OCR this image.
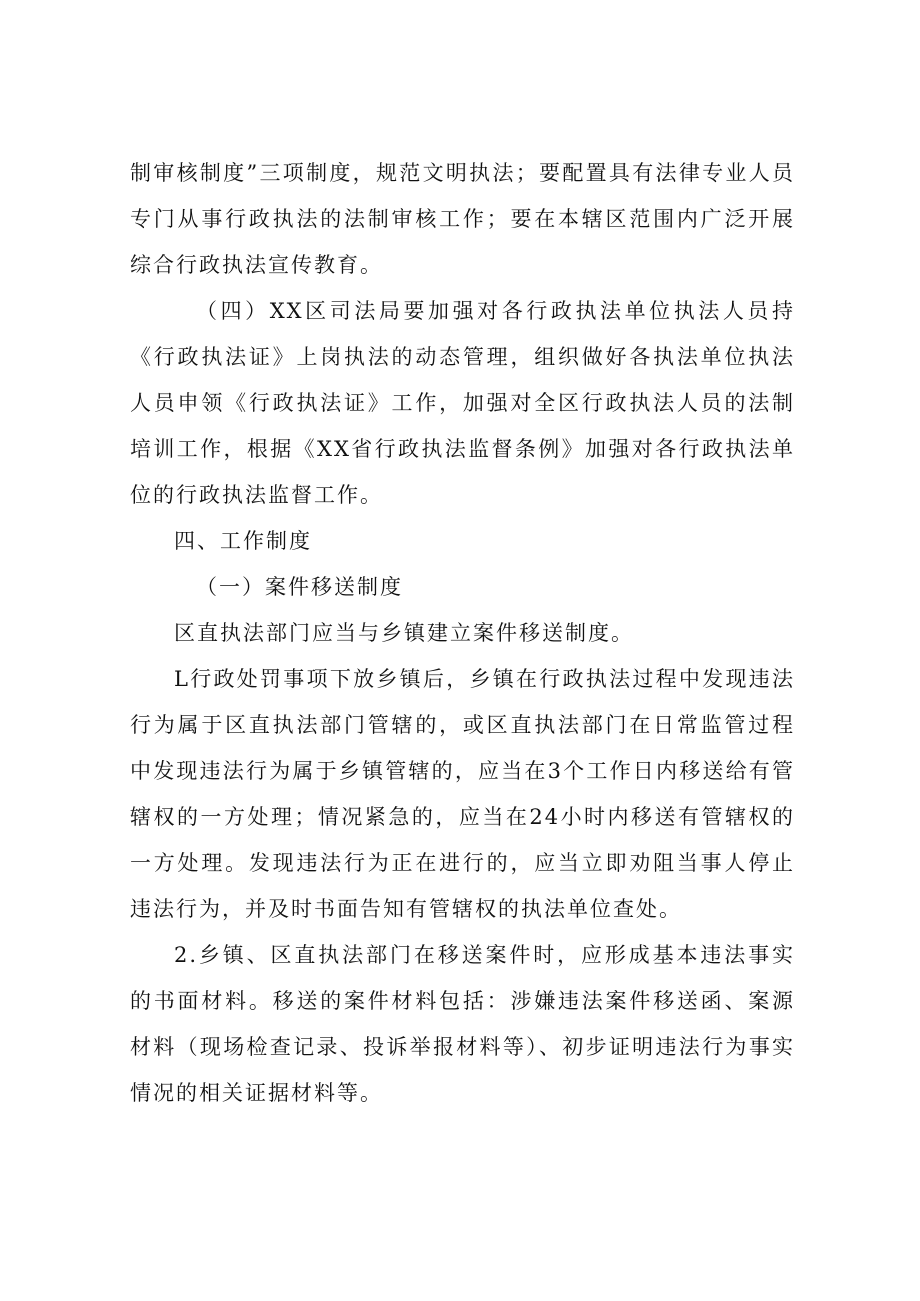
制审核制度”三项制度，规范文明执法；要配置具有法律专业人员专门从事行政执法的法制审核工作；要在本辖区范围内广泛开展综合行政执法宣传教育。

（四）XX区司法局要加强对各行政执法单位执法人员持《行政执法证》上岗执法的动态管理，组织做好各执法单位执法人员申领《行政执法证》工作，加强对全区行政执法人员的法制培训工作，根据《XX省行政执法监督条例》加强对各行政执法单位的行政执法监督工作。

四、工作制度

（一）案件移送制度

区直执法部门应当与乡镇建立案件移送制度。

L行政处罚事项下放乡镇后，乡镇在行政执法过程中发现违法行为属于区直执法部门管辖的，或区直执法部门在日常监管过程中发现违法行为属于乡镇管辖的，应当在3个工作日内移送给有管辖权的一方处理；情况紧急的，应当在24小时内移送有管辖权的一方处理。发现违法行为正在进行的，应当立即劝阻当事人停止违法行为，并及时书面告知有管辖权的执法单位查处。

2.乡镇、区直执法部门在移送案件时，应形成基本违法事实的书面材料。移送的案件材料包括：涉嫌违法案件移送函、案源材料（现场检查记录、投诉举报材料等）、初步证明违法行为事实情况的相关证据材料等。
